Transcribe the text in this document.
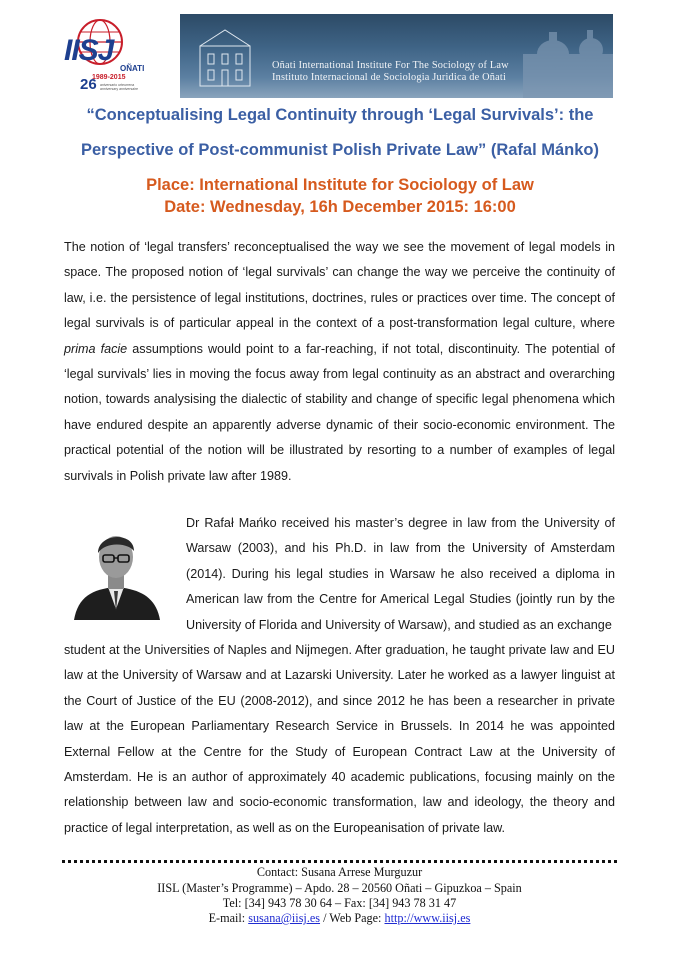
IISJ
OÑATI
26
1989-2015
aniversario urteurrena anniversary anniversaire
Oñati International Institute For The Sociology of Law
Instituto Internacional de Sociologia Juridica de Oñati
“Conceptualising Legal Continuity through ‘Legal Survivals’: the
Perspective of Post-communist Polish Private Law” (Rafal Mánko)
Place: International Institute for Sociology of Law
Date: Wednesday, 16h December 2015: 16:00
The notion of ‘legal transfers’ reconceptualised the way we see the movement of legal models in space. The proposed notion of ‘legal survivals’ can change the way we perceive the continuity of law, i.e. the persistence of legal institutions, doctrines, rules or practices over time. The concept of legal survivals is of particular appeal in the context of a post-transformation legal culture, where prima facie assumptions would point to a far-reaching, if not total, discontinuity. The potential of ‘legal survivals’ lies in moving the focus away from legal continuity as an abstract and overarching notion, towards analysising the dialectic of stability and change of specific legal phenomena which have endured despite an apparently adverse dynamic of their socio-economic environment. The practical potential of the notion will be illustrated by resorting to a number of examples of legal survivals in Polish private law after 1989.
Dr Rafał Mańko received his master’s degree in law from the University of Warsaw (2003), and his Ph.D. in law from the University of Amsterdam (2014). During his legal studies in Warsaw he also received a diploma in American law from the Centre for Americal Legal Studies (jointly run by the University of Florida and University of Warsaw), and studied as an exchange
student at the Universities of Naples and Nijmegen. After graduation, he taught private law and EU law at the University of Warsaw and at Lazarski University. Later he worked as a lawyer linguist at the Court of Justice of the EU (2008-2012), and since 2012 he has been a researcher in private law at the European Parliamentary Research Service in Brussels. In 2014 he was appointed External Fellow at the Centre for the Study of European Contract Law at the University of Amsterdam. He is an author of approximately 40 academic publications, focusing mainly on the relationship between law and socio-economic transformation, law and ideology, the theory and practice of legal interpretation, as well as on the Europeanisation of private law.
Contact: Susana Arrese Murguzur
IISL (Master’s Programme) – Apdo. 28 – 20560 Oñati – Gipuzkoa – Spain
Tel: [34] 943 78 30 64 – Fax: [34] 943 78 31 47
E-mail: susana@iisj.es / Web Page: http://www.iisj.es
